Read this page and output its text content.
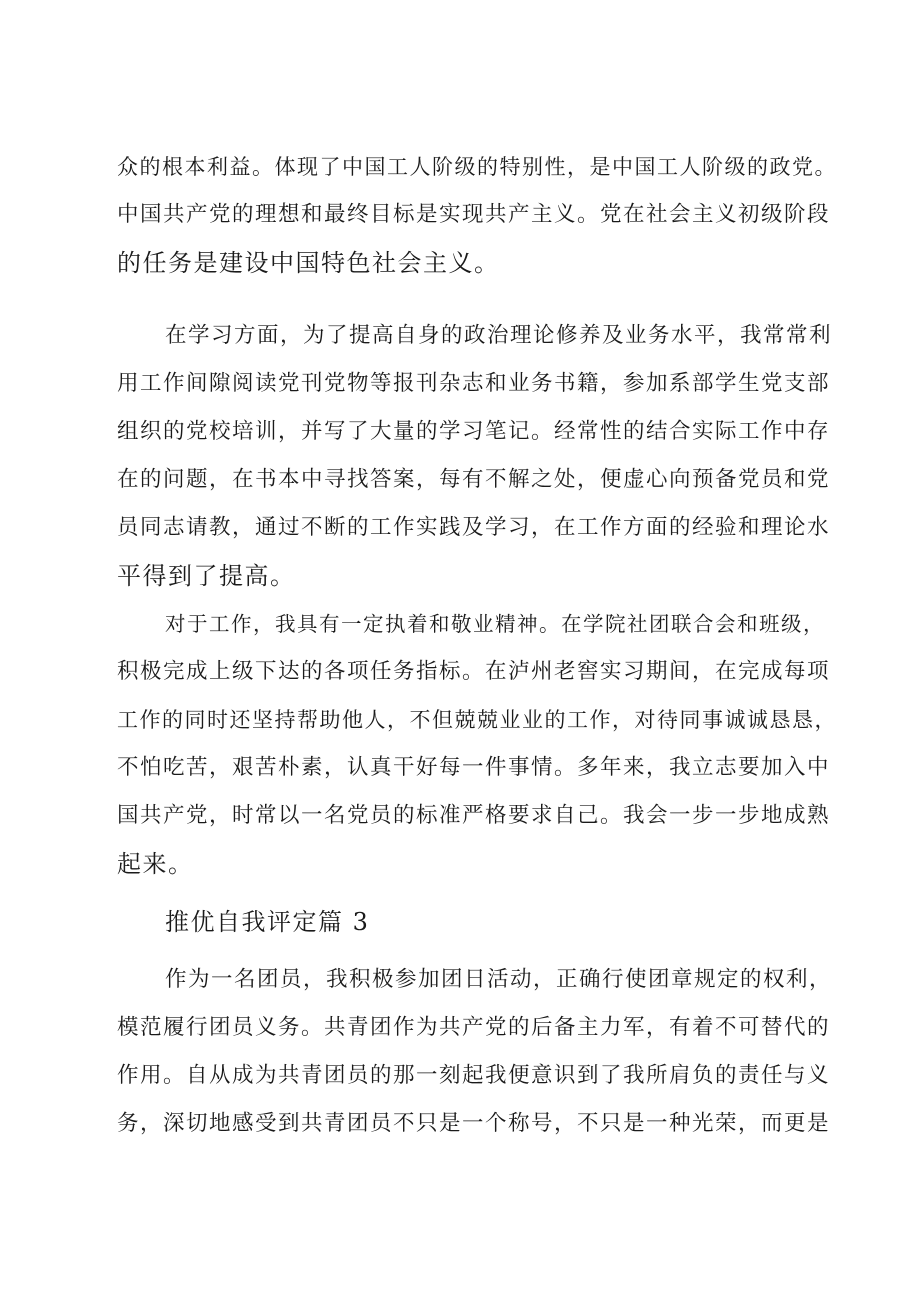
众的根本利益。体现了中国工人阶级的特别性，是中国工人阶级的政党。
中国共产党的理想和最终目标是实现共产主义。党在社会主义初级阶段
的任务是建设中国特色社会主义。
在学习方面，为了提高自身的政治理论修养及业务水平，我常常利
用工作间隙阅读党刊党物等报刊杂志和业务书籍，参加系部学生党支部
组织的党校培训，并写了大量的学习笔记。经常性的结合实际工作中存
在的问题，在书本中寻找答案，每有不解之处，便虚心向预备党员和党
员同志请教，通过不断的工作实践及学习，在工作方面的经验和理论水
平得到了提高。
对于工作，我具有一定执着和敬业精神。在学院社团联合会和班级，
积极完成上级下达的各项任务指标。在泸州老窖实习期间，在完成每项
工作的同时还坚持帮助他人，不但兢兢业业的工作，对待同事诚诚恳恳，
不怕吃苦，艰苦朴素，认真干好每一件事情。多年来，我立志要加入中
国共产党，时常以一名党员的标准严格要求自己。我会一步一步地成熟
起来。
推优自我评定篇 3
作为一名团员，我积极参加团日活动，正确行使团章规定的权利，
模范履行团员义务。共青团作为共产党的后备主力军，有着不可替代的
作用。自从成为共青团员的那一刻起我便意识到了我所肩负的责任与义
务，深切地感受到共青团员不只是一个称号，不只是一种光荣，而更是
